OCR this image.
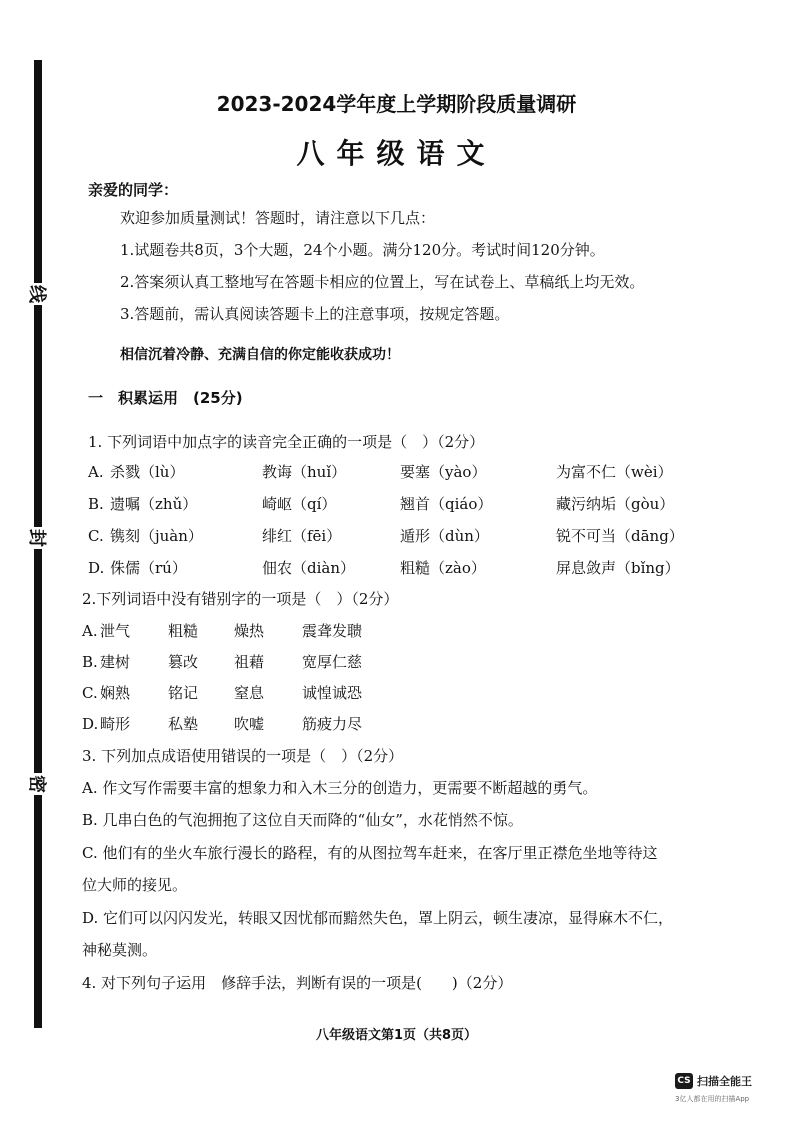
线
封
密
2023-2024学年度上学期阶段质量调研
八年级语文
亲爱的同学：
欢迎参加质量测试！答题时，请注意以下几点：
1.试题卷共8页，3个大题，24个小题。满分120分。考试时间120分钟。
2.答案须认真工整地写在答题卡相应的位置上，写在试卷上、草稿纸上均无效。
3.答题前，需认真阅读答题卡上的注意事项，按规定答题。
相信沉着冷静、充满自信的你定能收获成功！
一　积累运用　(25分)
1. 下列词语中加点字的读音完全正确的一项是（　）（2分）
A. 杀戮（lù）	教诲（huǐ）	要塞（yào）	为富不仁（wèi）
B. 遗嘱（zhǔ）	崎岖（qí）	翘首（qiáo）	藏污纳垢（gòu）
C. 镌刻（juàn）	绯红（fēi）	遁形（dùn）	锐不可当（dāng）
D. 侏儒（rú）	佃农（diàn）	粗糙（zào）	屏息敛声（bǐng）
2.下列词语中没有错别字的一项是（　）（2分）
A. 泄气	粗糙 燥热	震聋发聩
B. 建树	篡改 祖藉	宽厚仁慈
C. 娴熟	铭记 窒息	诚惶诚恐
D. 畸形	私塾 吹嘘	筋疲力尽
3. 下列加点成语使用错误的一项是（　）（2分）
A. 作文写作需要丰富的想象力和入木三分的创造力，更需要不断超越的勇气。
B. 几串白色的气泡拥抱了这位自天而降的“仙女”，水花悄然不惊。
C. 他们有的坐火车旅行漫长的路程，有的从图拉驾车赶来，在客厅里正襟危坐地等待这
位大师的接见。
D. 它们可以闪闪发光，转眼又因忧郁而黯然失色，罩上阴云，顿生凄凉，显得麻木不仁，
神秘莫测。
4. 对下列句子运用　修辞手法，判断有误的一项是(　　)（2分）
八年级语文第1页（共8页）
CS 扫描全能王
3亿人都在用的扫描App
